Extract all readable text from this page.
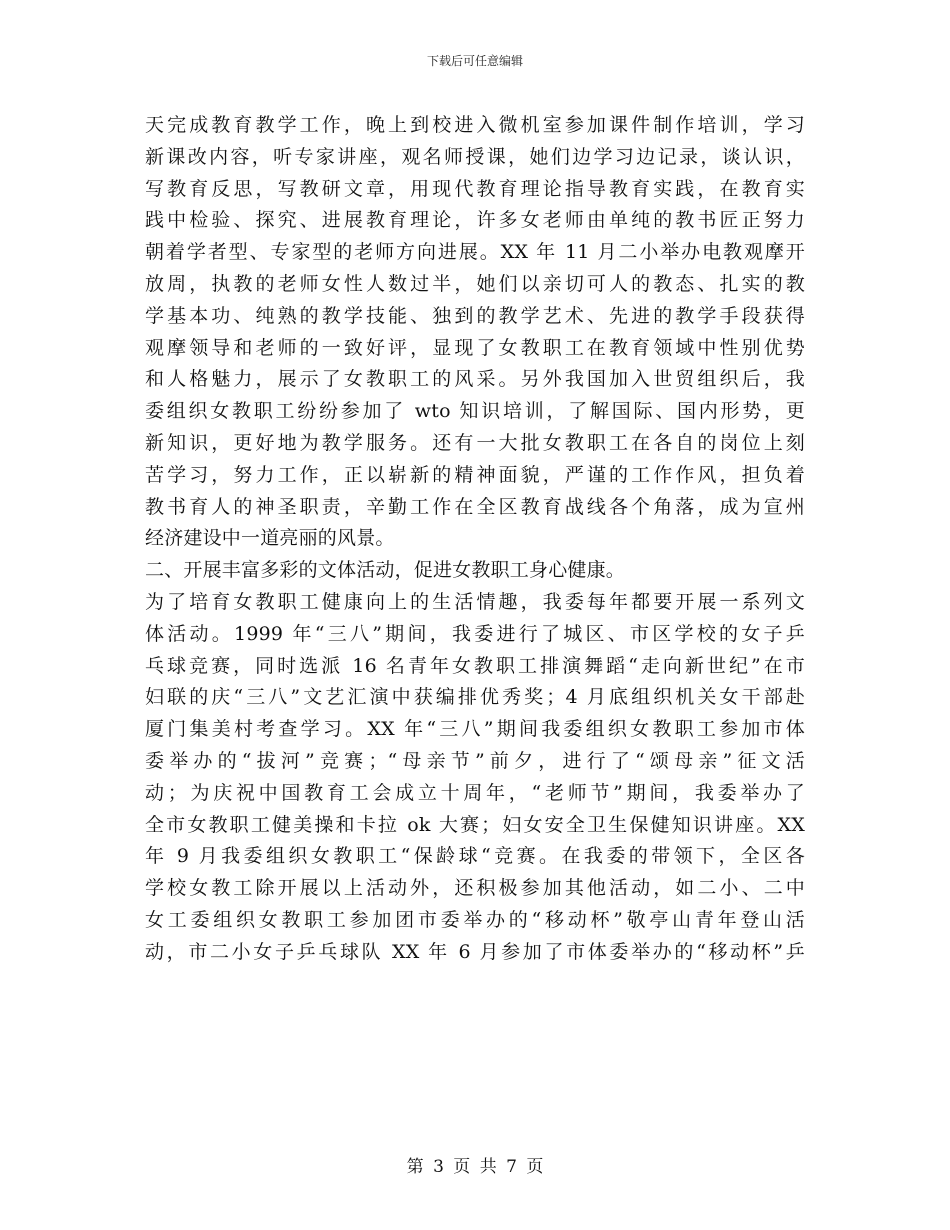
下载后可任意编辑
天完成教育教学工作，晚上到校进入微机室参加课件制作培训，学习
新课改内容，听专家讲座，观名师授课，她们边学习边记录，谈认识，
写教育反思，写教研文章，用现代教育理论指导教育实践，在教育实
践中检验、探究、进展教育理论，许多女老师由单纯的教书匠正努力
朝着学者型、专家型的老师方向进展。XX 年 11 月二小举办电教观摩开
放周，执教的老师女性人数过半，她们以亲切可人的教态、扎实的教
学基本功、纯熟的教学技能、独到的教学艺术、先进的教学手段获得
观摩领导和老师的一致好评，显现了女教职工在教育领域中性别优势
和人格魅力，展示了女教职工的风采。另外我国加入世贸组织后，我
委组织女教职工纷纷参加了 wto 知识培训，了解国际、国内形势，更
新知识，更好地为教学服务。还有一大批女教职工在各自的岗位上刻
苦学习，努力工作，正以崭新的精神面貌，严谨的工作作风，担负着
教书育人的神圣职责，辛勤工作在全区教育战线各个角落，成为宣州
经济建设中一道亮丽的风景。
二、开展丰富多彩的文体活动，促进女教职工身心健康。
为了培育女教职工健康向上的生活情趣，我委每年都要开展一系列文
体活动。1999 年“三八”期间，我委进行了城区、市区学校的女子乒
乓球竞赛，同时选派 16 名青年女教职工排演舞蹈“走向新世纪”在市
妇联的庆“三八”文艺汇演中获编排优秀奖；4 月底组织机关女干部赴
厦门集美村考查学习。XX 年“三八”期间我委组织女教职工参加市体
委举办的“拔河”竞赛；“母亲节”前夕，进行了“颂母亲”征文活
动；为庆祝中国教育工会成立十周年，“老师节”期间，我委举办了
全市女教职工健美操和卡拉 ok 大赛；妇女安全卫生保健知识讲座。XX
年 9 月我委组织女教职工“保龄球“竞赛。在我委的带领下，全区各
学校女教工除开展以上活动外，还积极参加其他活动，如二小、二中
女工委组织女教职工参加团市委举办的“移动杯”敬亭山青年登山活
动，市二小女子乒乓球队 XX 年 6 月参加了市体委举办的“移动杯”乒
第 3 页 共 7 页
